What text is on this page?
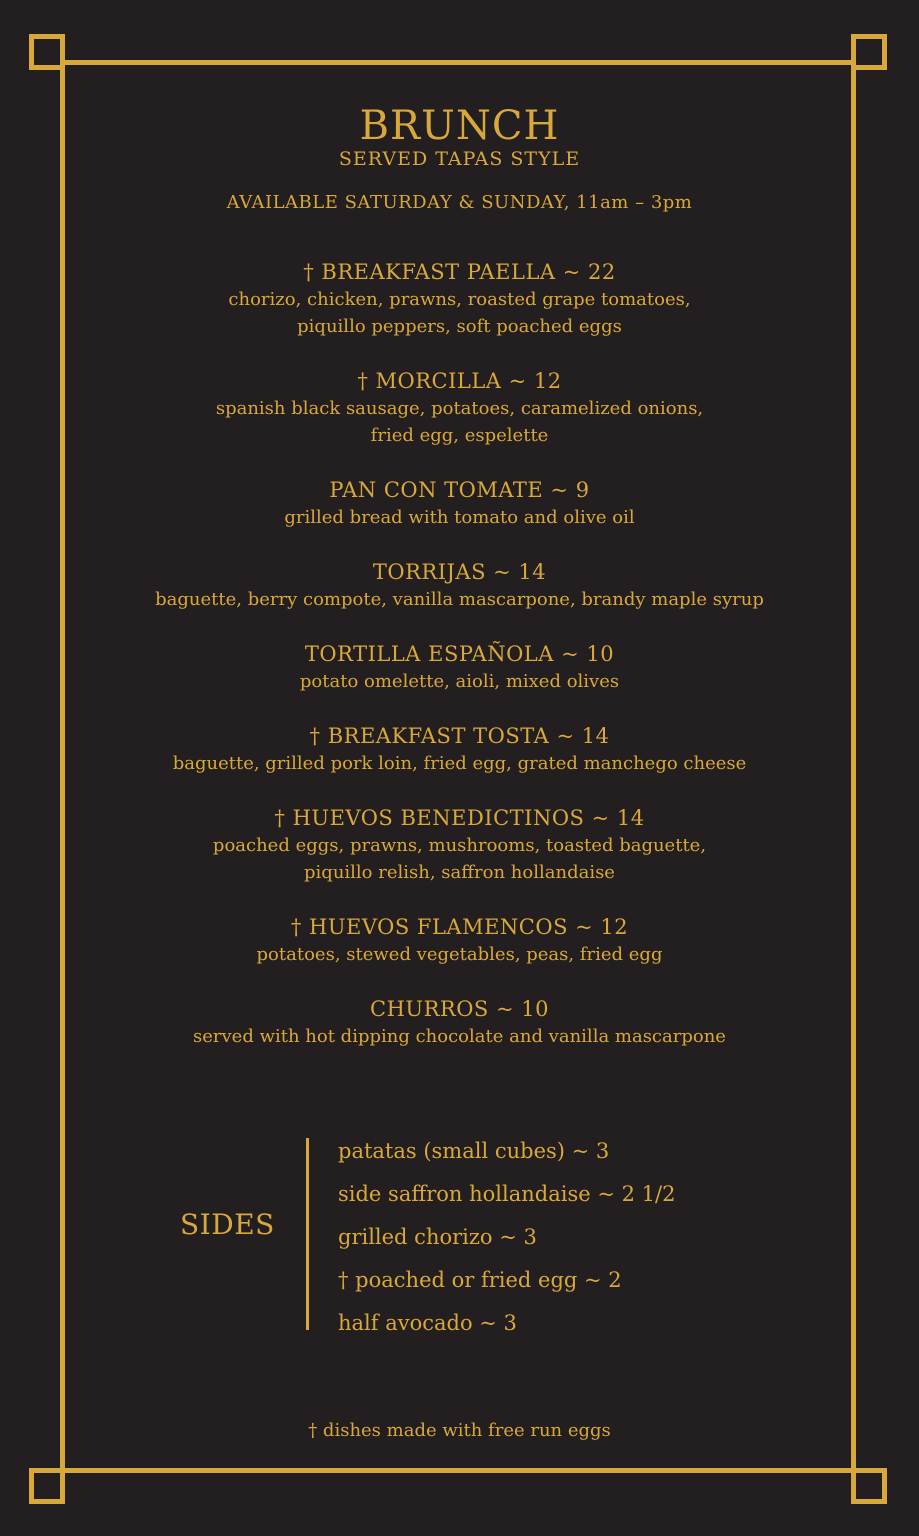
BRUNCH
SERVED TAPAS STYLE
AVAILABLE SATURDAY & SUNDAY, 11am – 3pm
† BREAKFAST PAELLA ~ 22
chorizo, chicken, prawns, roasted grape tomatoes,
piquillo peppers, soft poached eggs
† MORCILLA ~ 12
spanish black sausage, potatoes, caramelized onions,
fried egg, espelette
PAN CON TOMATE ~ 9
grilled bread with tomato and olive oil
TORRIJAS ~ 14
baguette, berry compote, vanilla mascarpone, brandy maple syrup
TORTILLA ESPAÑOLA ~ 10
potato omelette, aioli, mixed olives
† BREAKFAST TOSTA ~ 14
baguette, grilled pork loin, fried egg, grated manchego cheese
† HUEVOS BENEDICTINOS ~ 14
poached eggs, prawns, mushrooms, toasted baguette,
piquillo relish, saffron hollandaise
† HUEVOS FLAMENCOS ~ 12
potatoes, stewed vegetables, peas, fried egg
CHURROS ~ 10
served with hot dipping chocolate and vanilla mascarpone
SIDES
patatas (small cubes) ~ 3
side saffron hollandaise ~ 2 1/2
grilled chorizo ~ 3
† poached or fried egg ~ 2
half avocado ~ 3
† dishes made with free run eggs
